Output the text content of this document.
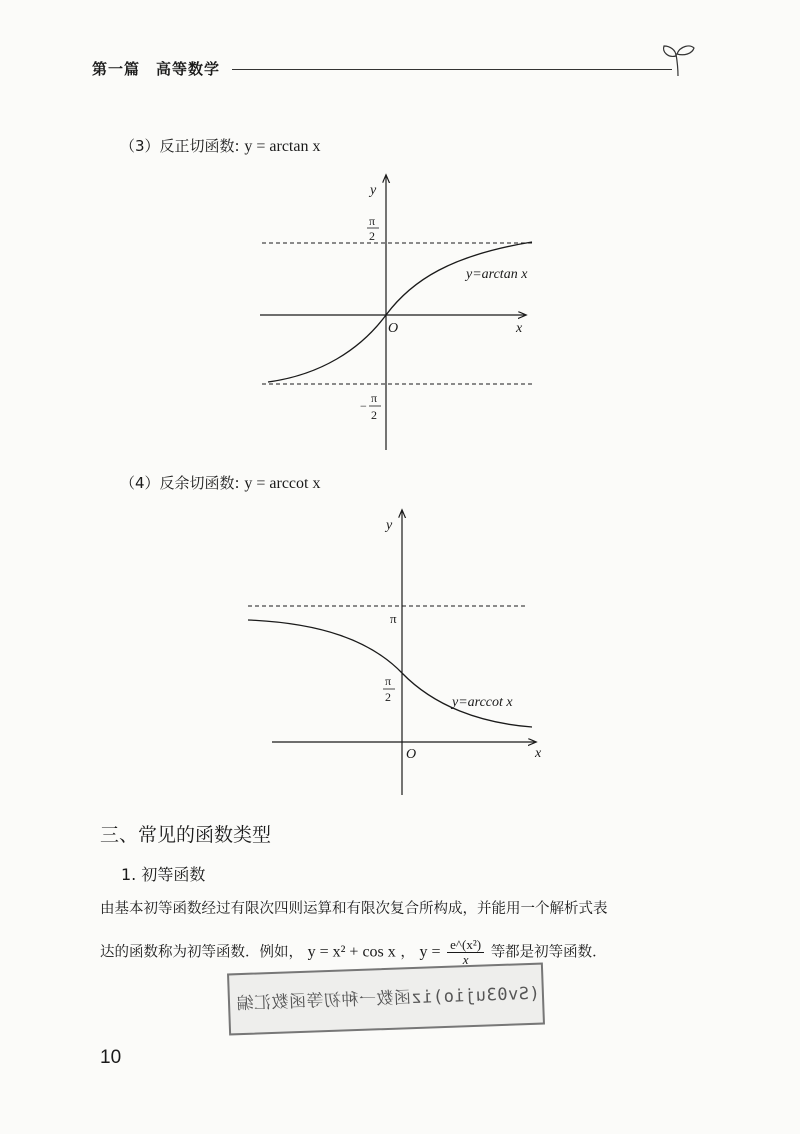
第一篇　高等数学
（3）反正切函数: y = arctan x
y
x
O
π
2
−
π
2
y=arctan x
（4）反余切函数: y = arccot x
y
x
O
π
π
2	y=arccot x
三、常见的函数类型
1. 初等函数
由基本初等函数经过有限次四则运算和有限次复合所构成，并能用一个解析式表
达的函数称为初等函数．例如， y = x² + cos x ， $y = \frac{\text{e\textasciicircum{}(x²)}}{x}$ 等都是初等函数．
(Sv03ujio)iz函数一种初等函数汇编
10
